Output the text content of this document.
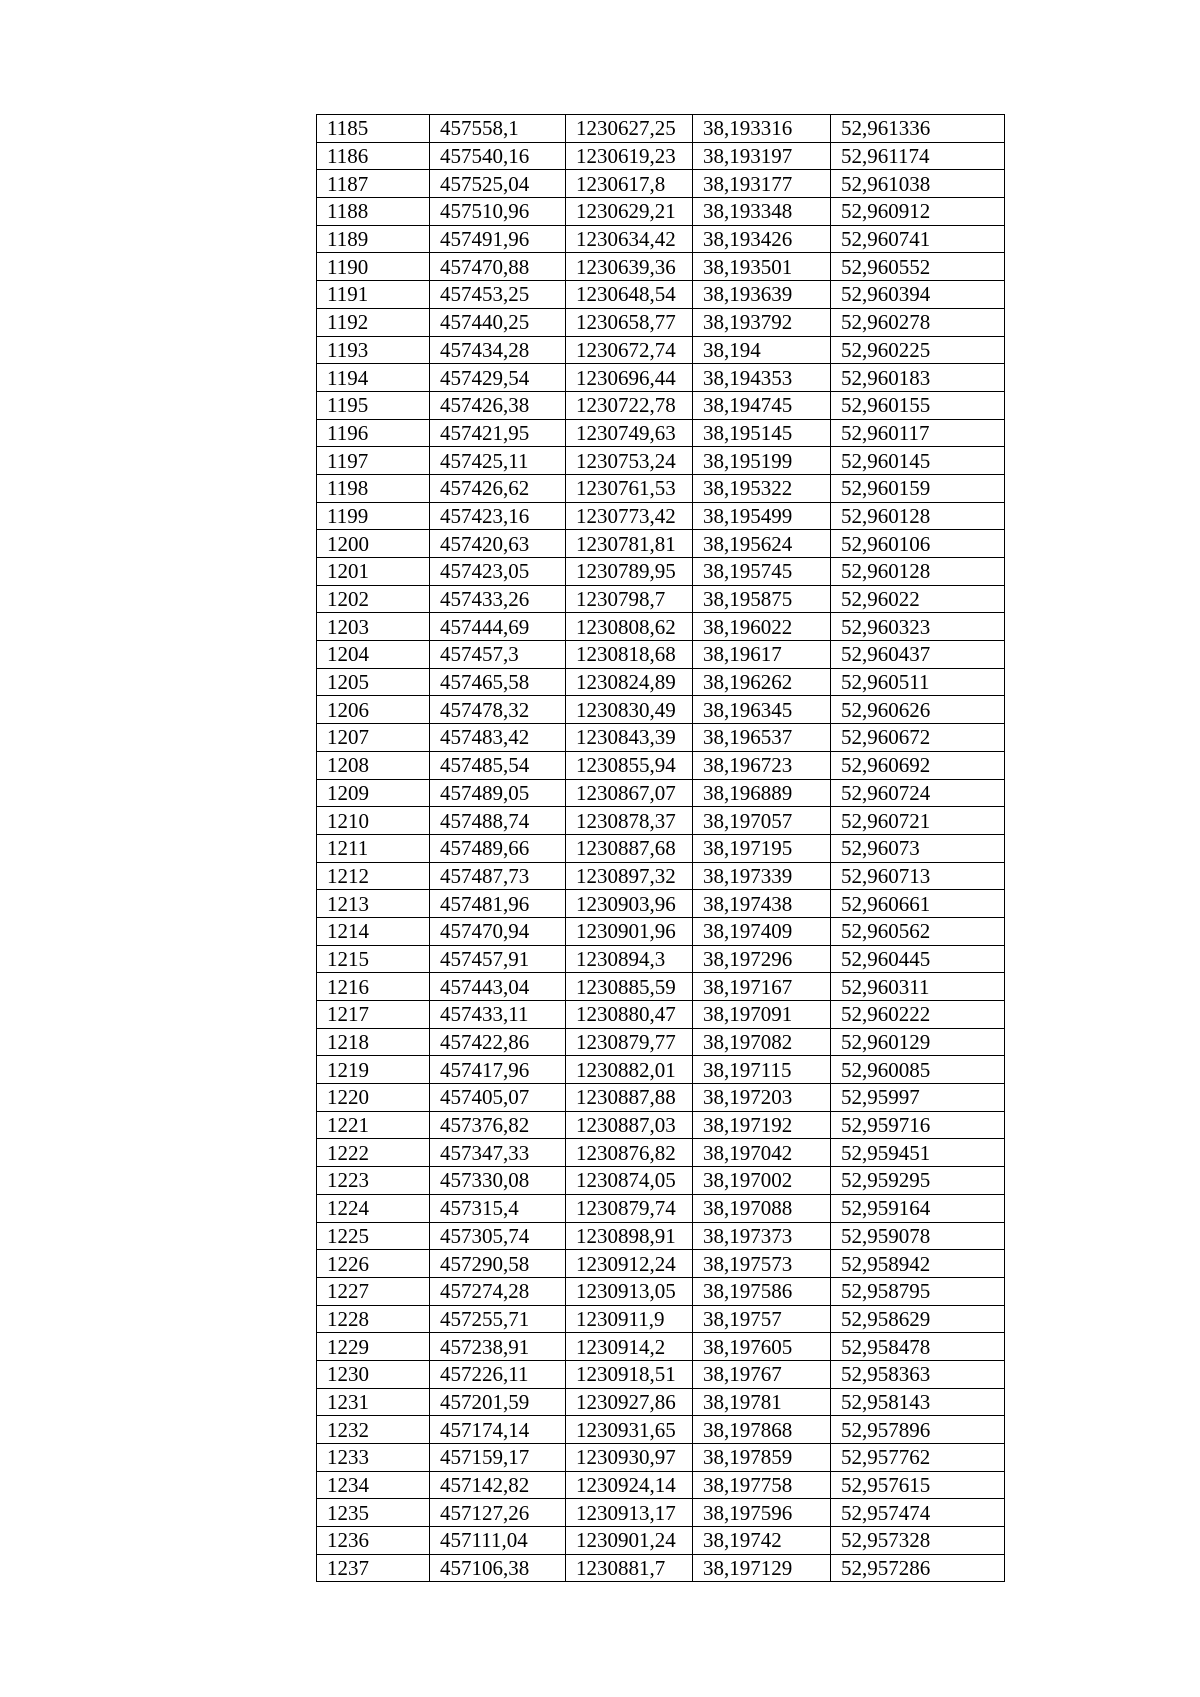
1185	457558,1	1230627,25	38,193316	52,961336
1186	457540,16	1230619,23	38,193197	52,961174
1187	457525,04	1230617,8	38,193177	52,961038
1188	457510,96	1230629,21	38,193348	52,960912
1189	457491,96	1230634,42	38,193426	52,960741
1190	457470,88	1230639,36	38,193501	52,960552
1191	457453,25	1230648,54	38,193639	52,960394
1192	457440,25	1230658,77	38,193792	52,960278
1193	457434,28	1230672,74	38,194	52,960225
1194	457429,54	1230696,44	38,194353	52,960183
1195	457426,38	1230722,78	38,194745	52,960155
1196	457421,95	1230749,63	38,195145	52,960117
1197	457425,11	1230753,24	38,195199	52,960145
1198	457426,62	1230761,53	38,195322	52,960159
1199	457423,16	1230773,42	38,195499	52,960128
1200	457420,63	1230781,81	38,195624	52,960106
1201	457423,05	1230789,95	38,195745	52,960128
1202	457433,26	1230798,7	38,195875	52,96022
1203	457444,69	1230808,62	38,196022	52,960323
1204	457457,3	1230818,68	38,19617	52,960437
1205	457465,58	1230824,89	38,196262	52,960511
1206	457478,32	1230830,49	38,196345	52,960626
1207	457483,42	1230843,39	38,196537	52,960672
1208	457485,54	1230855,94	38,196723	52,960692
1209	457489,05	1230867,07	38,196889	52,960724
1210	457488,74	1230878,37	38,197057	52,960721
1211	457489,66	1230887,68	38,197195	52,96073
1212	457487,73	1230897,32	38,197339	52,960713
1213	457481,96	1230903,96	38,197438	52,960661
1214	457470,94	1230901,96	38,197409	52,960562
1215	457457,91	1230894,3	38,197296	52,960445
1216	457443,04	1230885,59	38,197167	52,960311
1217	457433,11	1230880,47	38,197091	52,960222
1218	457422,86	1230879,77	38,197082	52,960129
1219	457417,96	1230882,01	38,197115	52,960085
1220	457405,07	1230887,88	38,197203	52,95997
1221	457376,82	1230887,03	38,197192	52,959716
1222	457347,33	1230876,82	38,197042	52,959451
1223	457330,08	1230874,05	38,197002	52,959295
1224	457315,4	1230879,74	38,197088	52,959164
1225	457305,74	1230898,91	38,197373	52,959078
1226	457290,58	1230912,24	38,197573	52,958942
1227	457274,28	1230913,05	38,197586	52,958795
1228	457255,71	1230911,9	38,19757	52,958629
1229	457238,91	1230914,2	38,197605	52,958478
1230	457226,11	1230918,51	38,19767	52,958363
1231	457201,59	1230927,86	38,19781	52,958143
1232	457174,14	1230931,65	38,197868	52,957896
1233	457159,17	1230930,97	38,197859	52,957762
1234	457142,82	1230924,14	38,197758	52,957615
1235	457127,26	1230913,17	38,197596	52,957474
1236	457111,04	1230901,24	38,19742	52,957328
1237	457106,38	1230881,7	38,197129	52,957286
